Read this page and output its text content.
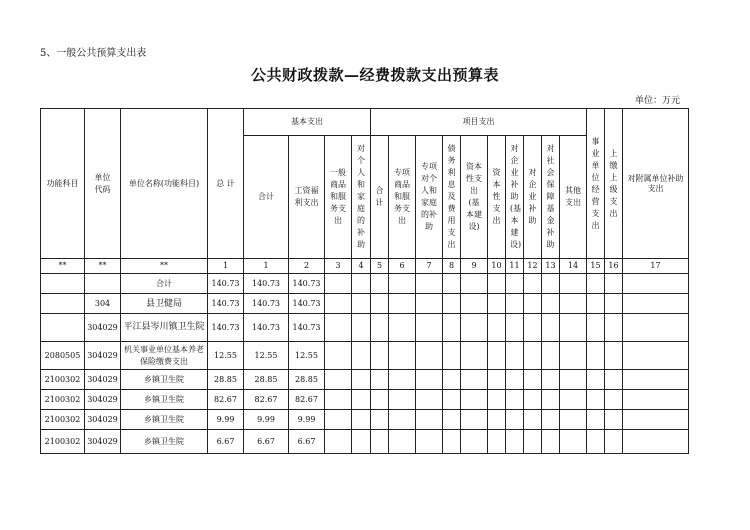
5、一般公共预算支出表
公共财政拨款—经费拨款支出预算表
单位：万元
功能科目	单位代码	单位名称(功能科目)	总 计	基本支出				项目支出										事业单位经营支出	上缴上级支出	对附属单位补助支出
				合计	工资福利支出	一般商品和服务支出	对个人和家庭的补助	合计	专项商品和服务支出	专项对个人和家庭的补助	债务利息及费用支出	资本性支出(基本建设)	资本性支出	对企业补助(基本建设)	对企业补助	对社会保障基金补助	其他支出			
**	**	**	1	1	2	3	4	5	6	7	8	9	10	11	12	13	14	15	16	17
		合计	140.73	140.73	140.73															
	304	县卫健局	140.73	140.73	140.73															
	304029	平江县岑川镇卫生院	140.73	140.73	140.73															
2080505	304029	机关事业单位基本养老保险缴费支出	12.55	12.55	12.55															
2100302	304029	乡镇卫生院	28.85	28.85	28.85															
2100302	304029	乡镇卫生院	82.67	82.67	82.67															
2100302	304029	乡镇卫生院	9.99	9.99	9.99															
2100302	304029	乡镇卫生院	6.67	6.67	6.67															
